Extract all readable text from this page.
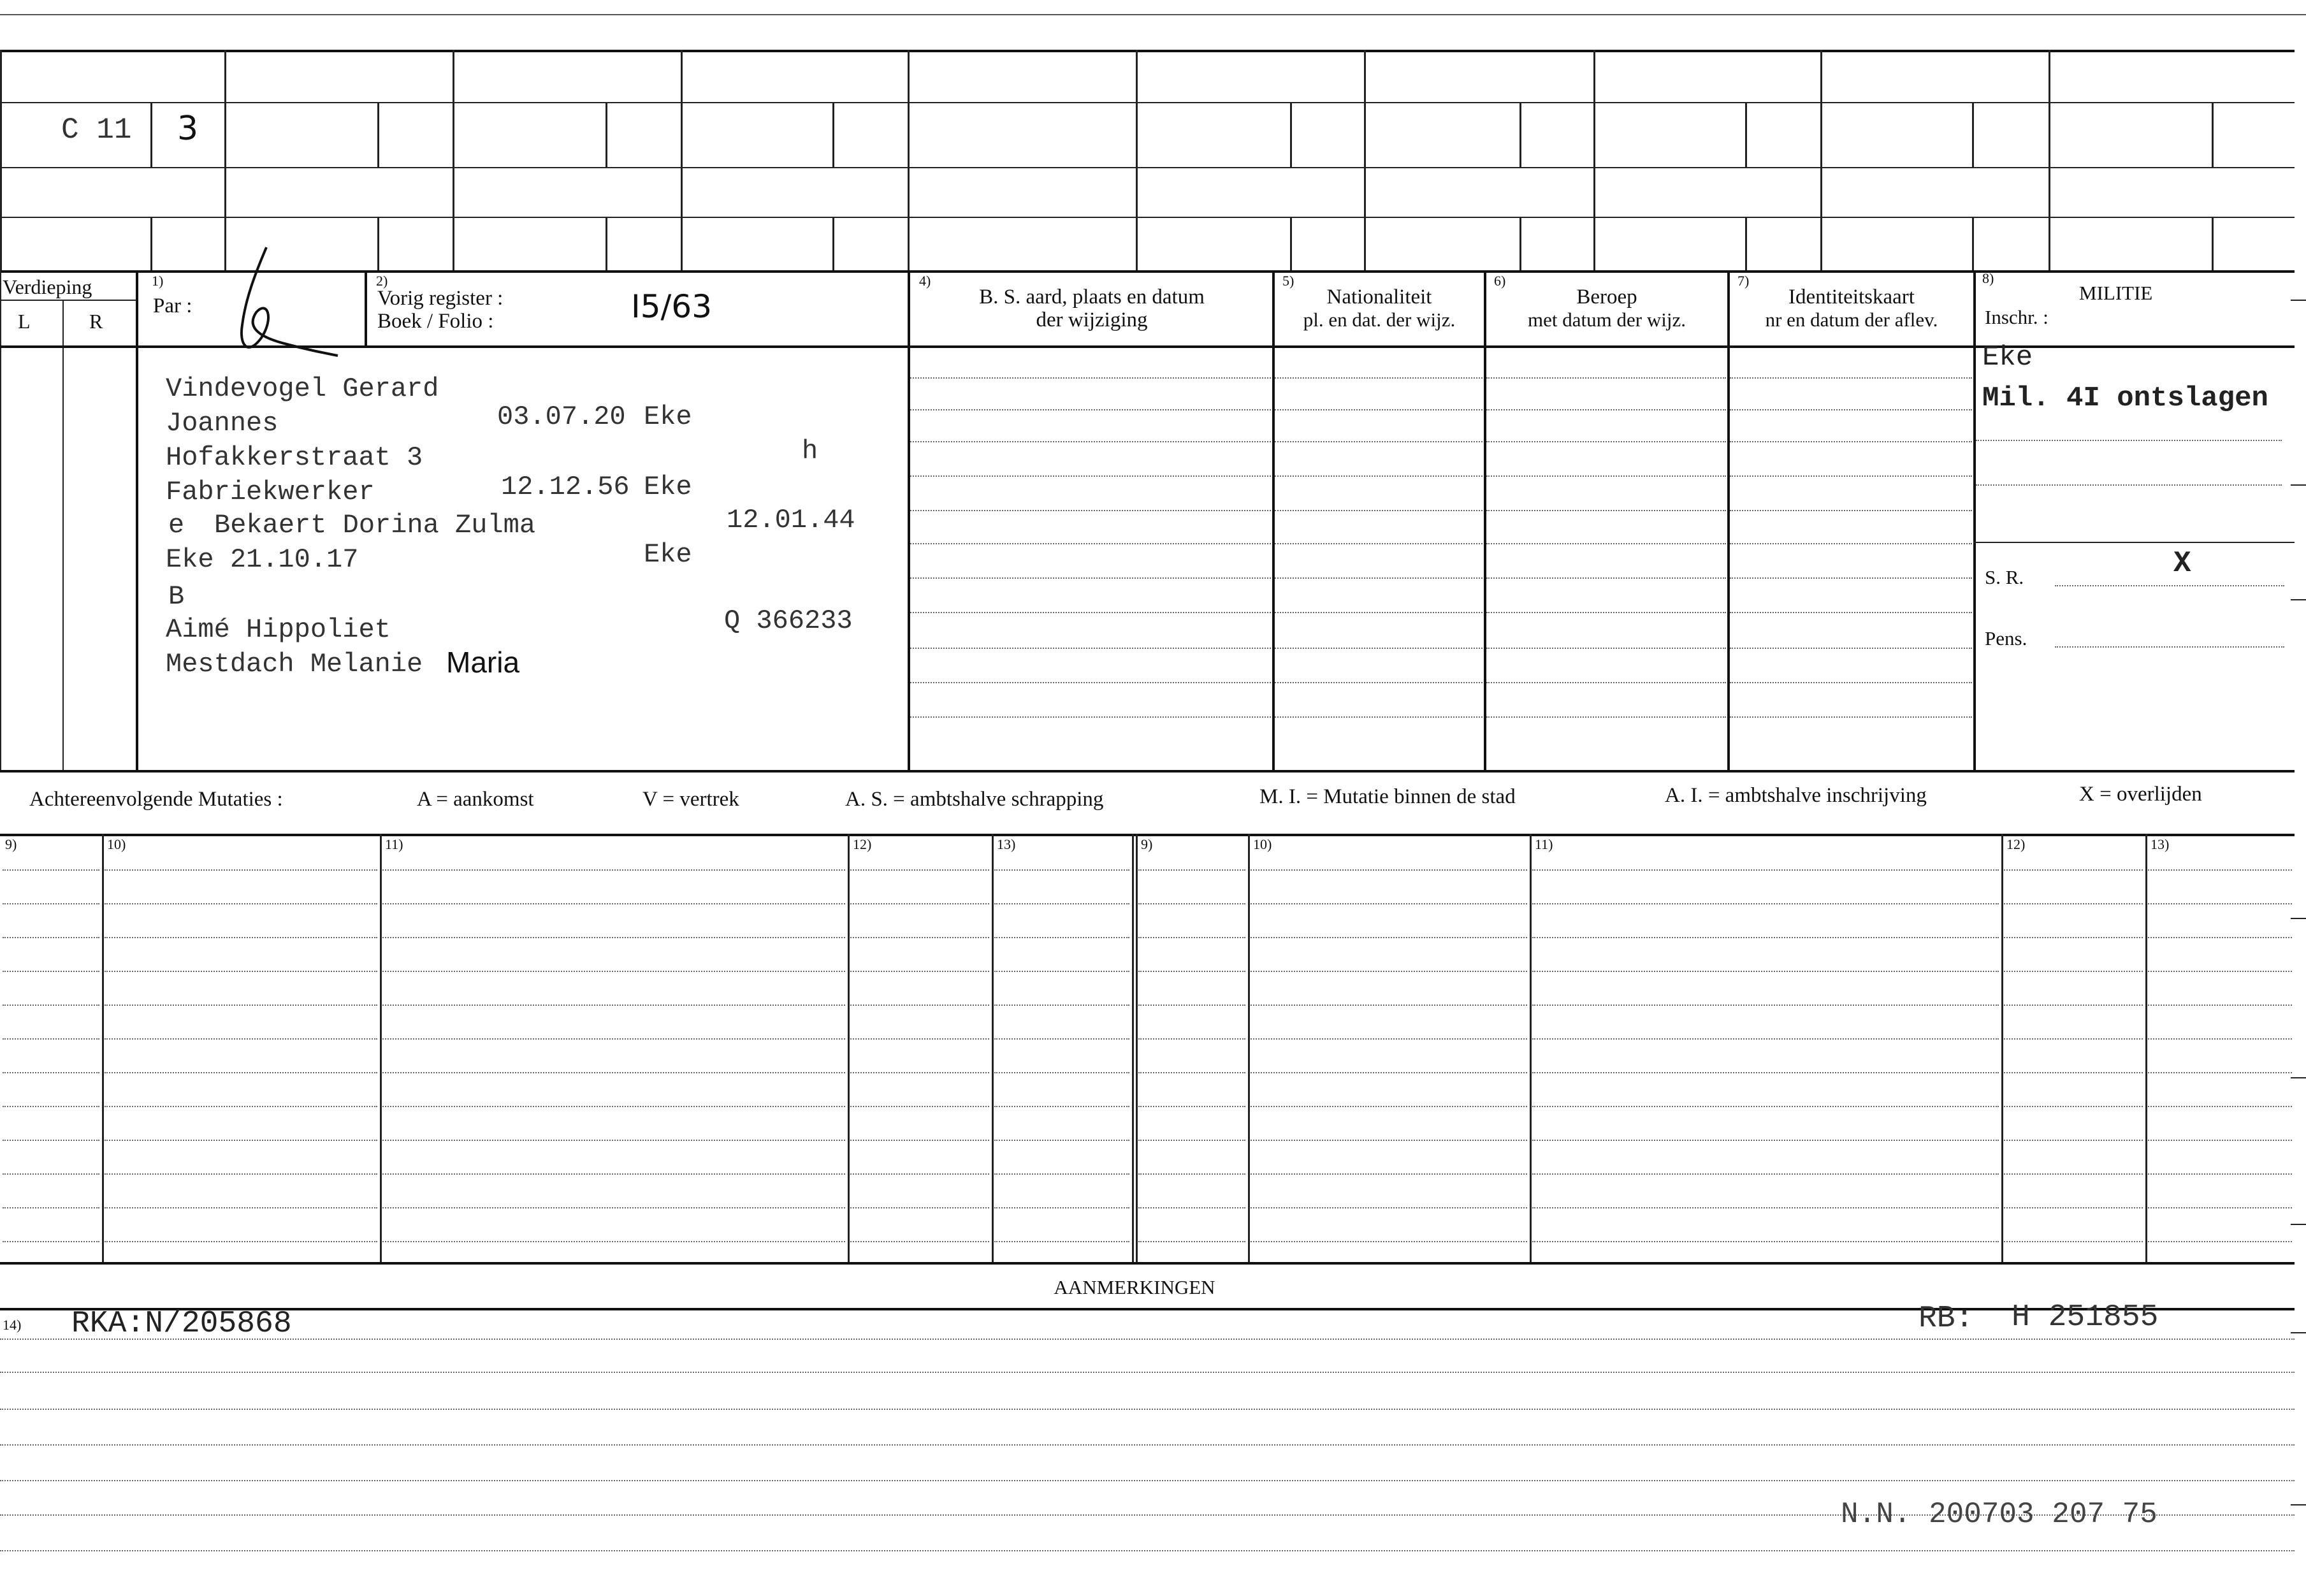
C 11 3
Verdieping
L	R
1)
Par :
2)
Vorig register :
Boek / Folio :	I5/63
4)
B. S. aard, plaats en datum
der wijziging
5)
Nationaliteit
pl. en dat. der wijz.
6)
Beroep
met datum der wijz.
7)
Identiteitskaart
nr en datum der aflev.
8)
MILITIE
Inschr. :
Vindevogel Gerard
Joannes	03.07.20 Eke
Hofakkerstraat 3	h
Fabriekwerker	12.12.56 Eke
e Bekaert Dorina Zulma	12.01.44
Eke 21.10.17	Eke
B
Aimé Hippoliet	Q 366233
Mestdach Melanie Maria
Eke
Mil. 4I ontslagen
S. R.	X
Pens.
Achtereenvolgende Mutaties :	A = aankomst	V = vertrek	A. S. = ambtshalve schrapping	M. I. = Mutatie binnen de stad	A. I. = ambtshalve inschrijving	X = overlijden
9)	10)	11)	12)	13)	9)	10)	11)	12)	13)
AANMERKINGEN
14) RKA:N/205868	RB: H 251855
N.N. 200703 207 75
